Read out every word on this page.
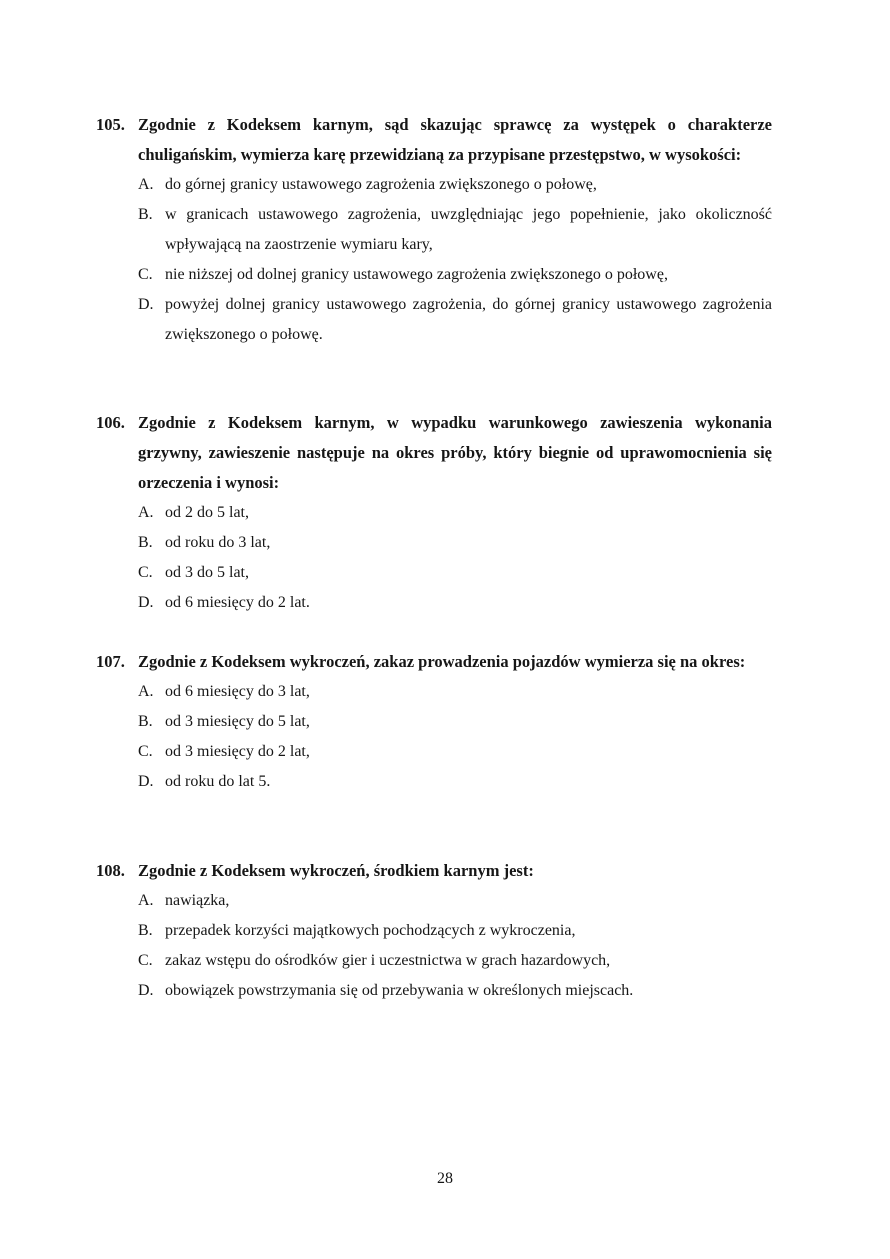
105. Zgodnie z Kodeksem karnym, sąd skazując sprawcę za występek o charakterze chuligańskim, wymierza karę przewidzianą za przypisane przestępstwo, w wysokości:
A. do górnej granicy ustawowego zagrożenia zwiększonego o połowę,
B. w granicach ustawowego zagrożenia, uwzględniając jego popełnienie, jako okoliczność wpływającą na zaostrzenie wymiaru kary,
C. nie niższej od dolnej granicy ustawowego zagrożenia zwiększonego o połowę,
D. powyżej dolnej granicy ustawowego zagrożenia, do górnej granicy ustawowego zagrożenia zwiększonego o połowę.
106. Zgodnie z Kodeksem karnym, w wypadku warunkowego zawieszenia wykonania grzywny, zawieszenie następuje na okres próby, który biegnie od uprawomocnienia się orzeczenia i wynosi:
A. od 2 do 5 lat,
B. od roku do 3 lat,
C. od 3 do 5 lat,
D. od 6 miesięcy do 2 lat.
107. Zgodnie z Kodeksem wykroczeń, zakaz prowadzenia pojazdów wymierza się na okres:
A. od 6 miesięcy do 3 lat,
B. od 3 miesięcy do 5 lat,
C. od 3 miesięcy do 2 lat,
D. od roku do lat 5.
108. Zgodnie z Kodeksem wykroczeń, środkiem karnym jest:
A. nawiązka,
B. przepadek korzyści majątkowych pochodzących z wykroczenia,
C. zakaz wstępu do ośrodków gier i uczestnictwa w grach hazardowych,
D. obowiązek powstrzymania się od przebywania w określonych miejscach.
28
